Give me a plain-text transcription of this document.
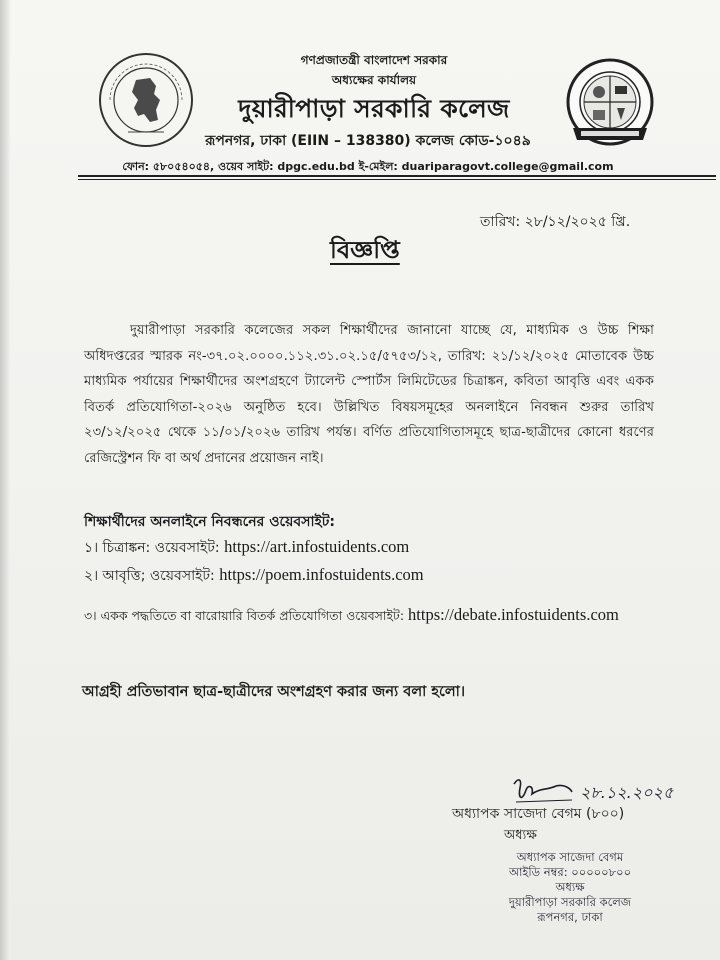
গণপ্রজাতন্ত্রী বাংলাদেশ সরকার
অধ্যক্ষের কার্যালয়
দুয়ারীপাড়া সরকারি কলেজ
রূপনগর, ঢাকা (EIIN – 138380) কলেজ কোড-১০৪৯
ফোন: ৫৮০৫৪০৫৪, ওয়েব সাইট: dpgc.edu.bd ই-মেইল: duariparagovt.college@gmail.com
তারিখ: ২৮/১২/২০২৫ খ্রি.
বিজ্ঞপ্তি
দুয়ারীপাড়া সরকারি কলেজের সকল শিক্ষার্থীদের জানানো যাচ্ছে যে, মাধ্যমিক ও উচ্চ শিক্ষা অধিদপ্তরের স্মারক নং-৩৭.০২.০০০০.১১২.৩১.০২.১৫/৫৭৫৩/১২, তারিখ: ২১/১২/২০২৫ মোতাবেক উচ্চ মাধ্যমিক পর্যায়ের শিক্ষার্থীদের অংশগ্রহণে ট্যালেন্ট স্পোর্টস লিমিটেডের চিত্রাঙ্কন, কবিতা আবৃত্তি এবং একক বিতর্ক প্রতিযোগিতা-২০২৬ অনুষ্ঠিত হবে। উল্লিখিত বিষয়সমূহের অনলাইনে নিবন্ধন শুরুর তারিখ ২৩/১২/২০২৫ থেকে ১১/০১/২০২৬ তারিখ পর্যন্ত। বর্ণিত প্রতিযোগিতাসমূহে ছাত্র-ছাত্রীদের কোনো ধরণের রেজিস্ট্রেশন ফি বা অর্থ প্রদানের প্রয়োজন নাই।
শিক্ষার্থীদের অনলাইনে নিবন্ধনের ওয়েবসাইট:
১। চিত্রাঙ্কন: ওয়েবসাইট: https://art.infostuidents.com
২। আবৃত্তি; ওয়েবসাইট: https://poem.infostuidents.com
৩। একক পদ্ধতিতে বা বারোয়ারি বিতর্ক প্রতিযোগিতা ওয়েবসাইট: https://debate.infostuidents.com
আগ্রহী প্রতিভাবান ছাত্র-ছাত্রীদের অংশগ্রহণ করার জন্য বলা হলো।
২৮.১২.২০২৫
অধ্যাপক সাজেদা বেগম (৮০০)
অধ্যক্ষ
অধ্যাপক সাজেদা বেগম
আইডি নম্বর: ০০০০০৮০০
অধ্যক্ষ
দুয়ারীপাড়া সরকারি কলেজ
রূপনগর, ঢাকা
